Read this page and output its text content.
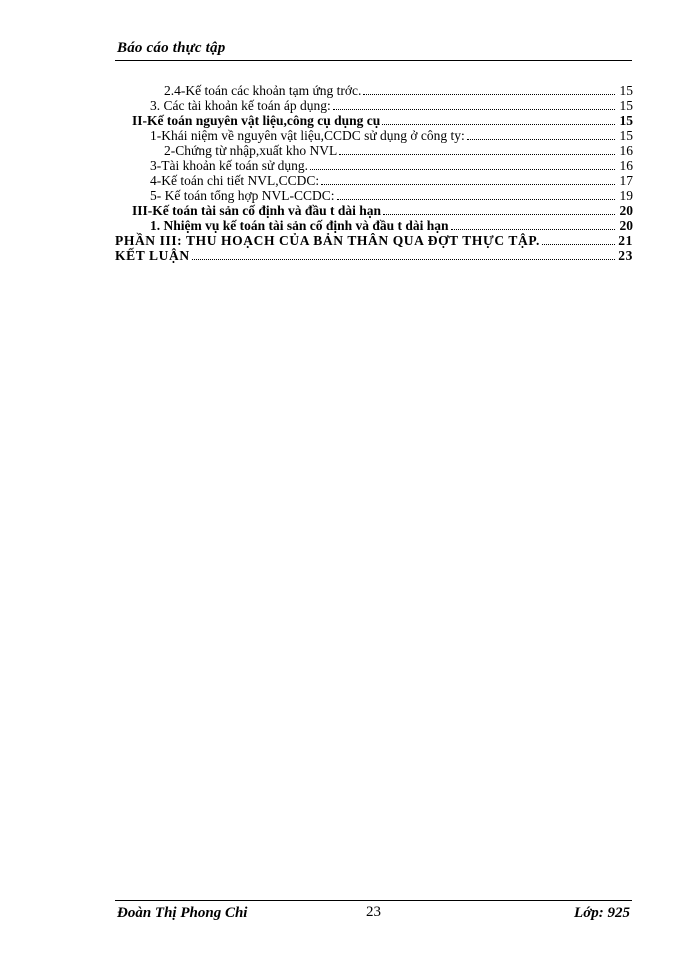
Báo cáo thực tập
2.4-Kế toán các khoản tạm ứng trớc.	15
3. Các tài khoản kế toán áp dụng:	15
II-Kế toán nguyên vật liệu,công cụ dụng cụ	15
1-Khái niệm về nguyên vật liệu,CCDC sử dụng ở công ty:	15
2-Chứng từ nhập,xuất kho NVL	16
3-Tài khoản kế toán sử dụng.	16
4-Kế toán chi tiết NVL,CCDC:	17
5- Kế toán tổng hợp NVL-CCDC:	19
III-Kế toán tài sản cố định và đầu t dài hạn	20
1. Nhiệm vụ kế toán tài sản cố định và đầu t dài hạn	20
PHẦN III: THU HOẠCH CỦA BẢN THÂN QUA ĐỢT THỰC TẬP.	21
KẾT LUẬN	23
Đoàn Thị Phong Chi	23	Lớp: 925
